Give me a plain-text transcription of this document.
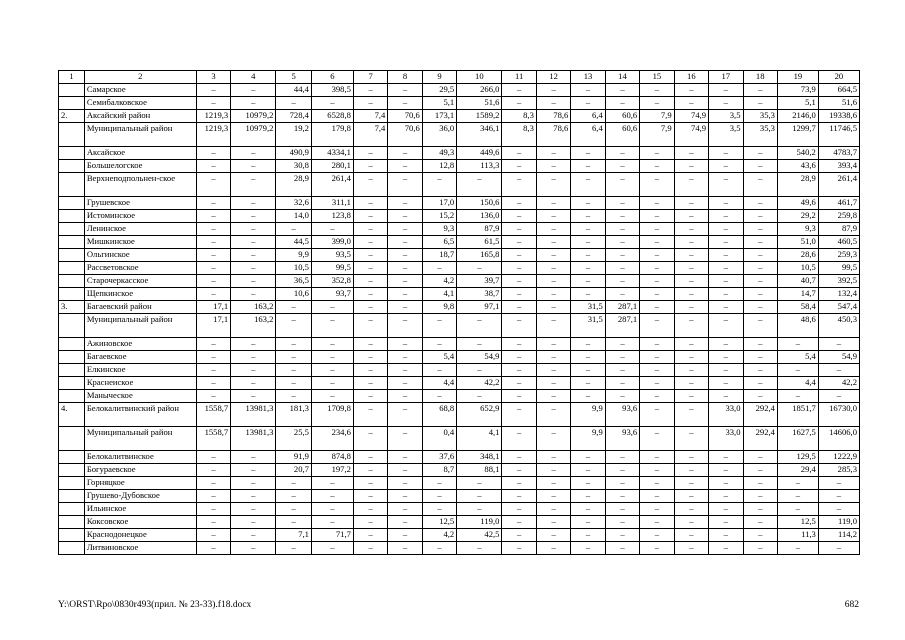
1	2	3	4	5	6	7	8	9	10	11	12	13	14	15	16	17	18	19	20
	Самарское	–	–	44,4	398,5	–	–	29,5	266,0	–	–	–	–	–	–	–	–	73,9	664,5
	Семибалковское	–	–	–	–	–	–	5,1	51,6	–	–	–	–	–	–	–	–	5,1	51,6
2.	Аксайский район	1219,3	10979,2	728,4	6528,8	7,4	70,6	173,1	1589,2	8,3	78,6	6,4	60,6	7,9	74,9	3,5	35,3	2146,0	19338,6
	Муниципальный район	1219,3	10979,2	19,2	179,8	7,4	70,6	36,0	346,1	8,3	78,6	6,4	60,6	7,9	74,9	3,5	35,3	1299,7	11746,5
	Аксайское	–	–	490,9	4334,1	–	–	49,3	449,6	–	–	–	–	–	–	–	–	540,2	4783,7
	Большелогское	–	–	30,8	280,1	–	–	12,8	113,3	–	–	–	–	–	–	–	–	43,6	393,4
	Верхнеподпольнен-ское	–	–	28,9	261,4	–	–	–	–	–	–	–	–	–	–	–	–	28,9	261,4
	Грушевское	–	–	32,6	311,1	–	–	17,0	150,6	–	–	–	–	–	–	–	–	49,6	461,7
	Истоминское	–	–	14,0	123,8	–	–	15,2	136,0	–	–	–	–	–	–	–	–	29,2	259,8
	Ленинское	–	–	–	–	–	–	9,3	87,9	–	–	–	–	–	–	–	–	9,3	87,9
	Мишкинское	–	–	44,5	399,0	–	–	6,5	61,5	–	–	–	–	–	–	–	–	51,0	460,5
	Ольгинское	–	–	9,9	93,5	–	–	18,7	165,8	–	–	–	–	–	–	–	–	28,6	259,3
	Рассветовское	–	–	10,5	99,5	–	–	–	–	–	–	–	–	–	–	–	–	10,5	99,5
	Старочеркасское	–	–	36,5	352,8	–	–	4,2	39,7	–	–	–	–	–	–	–	–	40,7	392,5
	Щепкинское	–	–	10,6	93,7	–	–	4,1	38,7	–	–	–	–	–	–	–	–	14,7	132,4
3.	Багаевский район	17,1	163,2	–	–	–	–	9,8	97,1	–	–	31,5	287,1	–	–	–	–	58,4	547,4
	Муниципальный район	17,1	163,2	–	–	–	–	–	–	–	–	31,5	287,1	–	–	–	–	48,6	450,3
	Ажиновское	–	–	–	–	–	–	–	–	–	–	–	–	–	–	–	–	–	–
	Багаевское	–	–	–	–	–	–	5,4	54,9	–	–	–	–	–	–	–	–	5,4	54,9
	Елкинское	–	–	–	–	–	–	–	–	–	–	–	–	–	–	–	–	–	–
	Краснеиское	–	–	–	–	–	–	4,4	42,2	–	–	–	–	–	–	–	–	4,4	42,2
	Маныческое	–	–	–	–	–	–	–	–	–	–	–	–	–	–	–	–	–	–
4.	Белокалитвинский район	1558,7	13981,3	181,3	1709,8	–	–	68,8	652,9	–	–	9,9	93,6	–	–	33,0	292,4	1851,7	16730,0
	Муниципальный район	1558,7	13981,3	25,5	234,6	–	–	0,4	4,1	–	–	9,9	93,6	–	–	33,0	292,4	1627,5	14606,0
	Белокалитвинское	–	–	91,9	874,8	–	–	37,6	348,1	–	–	–	–	–	–	–	–	129,5	1222,9
	Богураевское	–	–	20,7	197,2	–	–	8,7	88,1	–	–	–	–	–	–	–	–	29,4	285,3
	Горняцкое	–	–	–	–	–	–	–	–	–	–	–	–	–	–	–	–	–	–
	Грушево-Дубовское	–	–	–	–	–	–	–	–	–	–	–	–	–	–	–	–	–	–
	Ильинское	–	–	–	–	–	–	–	–	–	–	–	–	–	–	–	–	–	–
	Коксовское	–	–	–	–	–	–	12,5	119,0	–	–	–	–	–	–	–	–	12,5	119,0
	Краснодонецкое	–	–	7,1	71,7	–	–	4,2	42,5	–	–	–	–	–	–	–	–	11,3	114,2
	Литвиновское	–	–	–	–	–	–	–	–	–	–	–	–	–	–	–	–	–	–
Y:\ORST\Rpo\0830r493(прил. № 23-33).f18.docx	682
